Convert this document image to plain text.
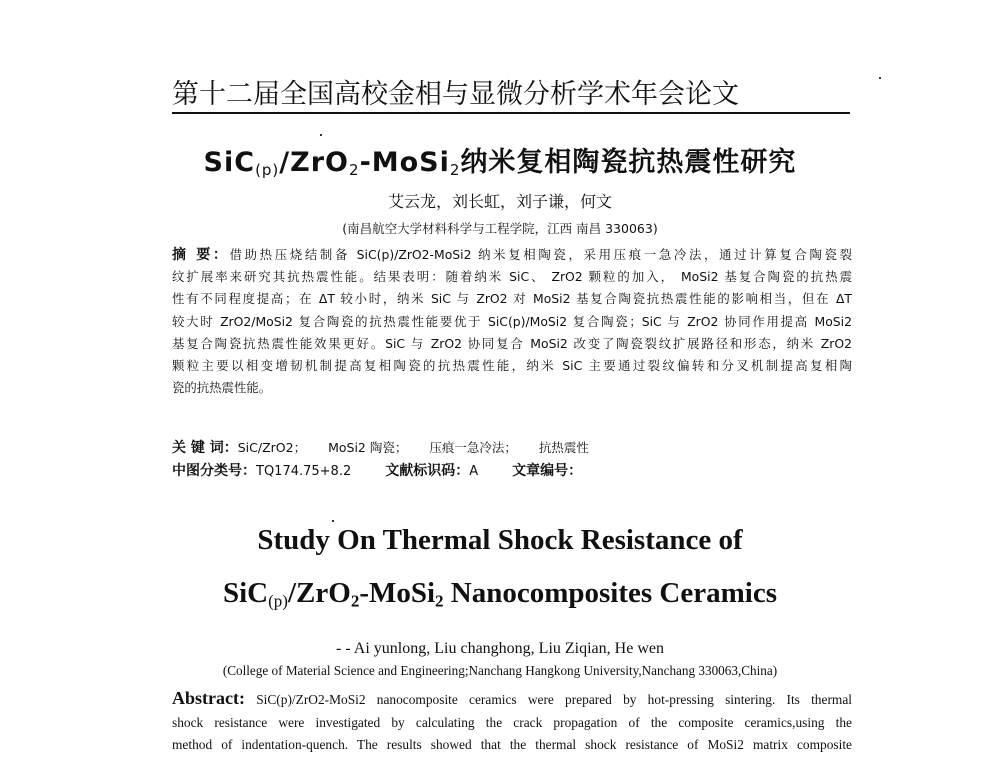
第十二届全国高校金相与显微分析学术年会论文
SiC$_{(p)}$/ZrO$_2$-MoSi$_2$纳米复相陶瓷抗热震性研究
艾云龙，刘长虹，刘子谦，何文
(南昌航空大学材料科学与工程学院，江西 南昌 330063)
摘 要：借助热压烧结制备 SiC(p)/ZrO2-MoSi2 纳米复相陶瓷，采用压痕一急冷法，通过计算复合陶瓷裂
纹扩展率来研究其抗热震性能。结果表明：随着纳米 SiC、 ZrO2 颗粒的加入， MoSi2 基复合陶瓷的抗热震
性有不同程度提高；在 ΔT 较小时，纳米 SiC 与 ZrO2 对 MoSi2 基复合陶瓷抗热震性能的影响相当，但在 ΔT
较大时 ZrO2/MoSi2 复合陶瓷的抗热震性能要优于 SiC(p)/MoSi2 复合陶瓷；SiC 与 ZrO2 协同作用提高 MoSi2
基复合陶瓷抗热震性能效果更好。SiC 与 ZrO2 协同复合 MoSi2 改变了陶瓷裂纹扩展路径和形态，纳米 ZrO2
颗粒主要以相变增韧机制提高复相陶瓷的抗热震性能，纳米 SiC 主要通过裂纹偏转和分叉机制提高复相陶
瓷的抗热震性能。
关 键 词：SiC/ZrO2； MoSi2 陶瓷； 压痕一急冷法； 抗热震性
中图分类号：TQ174.75+8.2 文献标识码：A 文章编号：
Study On Thermal Shock Resistance of
SiC$_{(p)}$/ZrO$_2$-MoSi$_2$ Nanocomposites Ceramics
- - Ai yunlong, Liu changhong, Liu Ziqian, He wen
(College of Material Science and Engineering;Nanchang Hangkong University,Nanchang 330063,China)
Abstract: SiC(p)/ZrO2-MoSi2 nanocomposite ceramics were prepared by hot-pressing sintering. Its thermal
shock resistance were investigated by calculating the crack propagation of the composite ceramics,using the
method of indentation-quench. The results showed that the thermal shock resistance of MoSi2 matrix composite
